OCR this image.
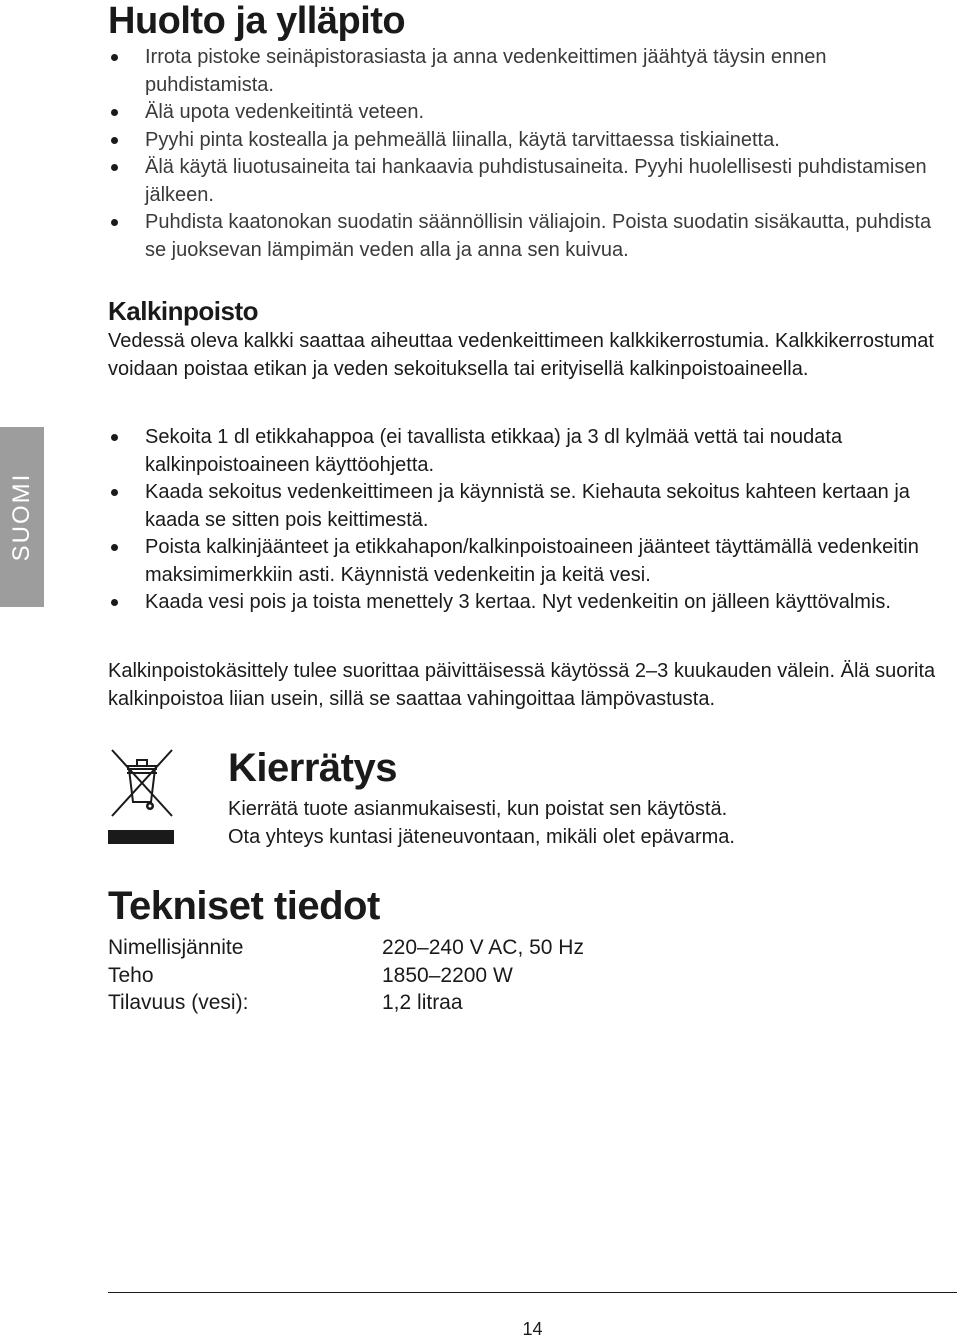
Huolto ja ylläpito
Irrota pistoke seinäpistorasiasta ja anna vedenkeittimen jäähtyä täysin ennen puhdistamista.
Älä upota vedenkeitintä veteen.
Pyyhi pinta kostealla ja pehmeällä liinalla, käytä tarvittaessa tiskiainetta.
Älä käytä liuotusaineita tai hankaavia puhdistusaineita. Pyyhi huolellisesti puhdistamisen jälkeen.
Puhdista kaatonokan suodatin säännöllisin väliajoin. Poista suodatin sisäkautta, puhdista se juoksevan lämpimän veden alla ja anna sen kuivua.
Kalkinpoisto

Vedessä oleva kalkki saattaa aiheuttaa vedenkeittimeen kalkkikerrostumia. Kalkkikerrostumat voidaan poistaa etikan ja veden sekoituksella tai erityisellä kalkinpoistoaineella.

SUOMI
Sekoita 1 dl etikkahappoa (ei tavallista etikkaa) ja 3 dl kylmää vettä tai noudata kalkinpoistoaineen käyttöohjetta.
Kaada sekoitus vedenkeittimeen ja käynnistä se. Kiehauta sekoitus kahteen kertaan ja kaada se sitten pois keittimestä.
Poista kalkinjäänteet ja etikkahapon/kalkinpoistoaineen jäänteet täyttämällä vedenkeitin maksimimerkkiin asti. Käynnistä vedenkeitin ja keitä vesi.
Kaada vesi pois ja toista menettely 3 kertaa. Nyt vedenkeitin on jälleen käyttövalmis.

Kalkinpoistokäsittely tulee suorittaa päivittäisessä käytössä 2–3 kuukauden välein. Älä suorita kalkinpoistoa liian usein, sillä se saattaa vahingoittaa lämpövastusta.

Kierrätys

Kierrätä tuote asianmukaisesti, kun poistat sen käytöstä.
Ota yhteys kuntasi jäteneuvontaan, mikäli olet epävarma.

Tekniset tiedot
Nimellisjännite	220–240 V AC, 50 Hz
Teho	1850–2200 W
Tilavuus (vesi):	1,2 litraa
14
